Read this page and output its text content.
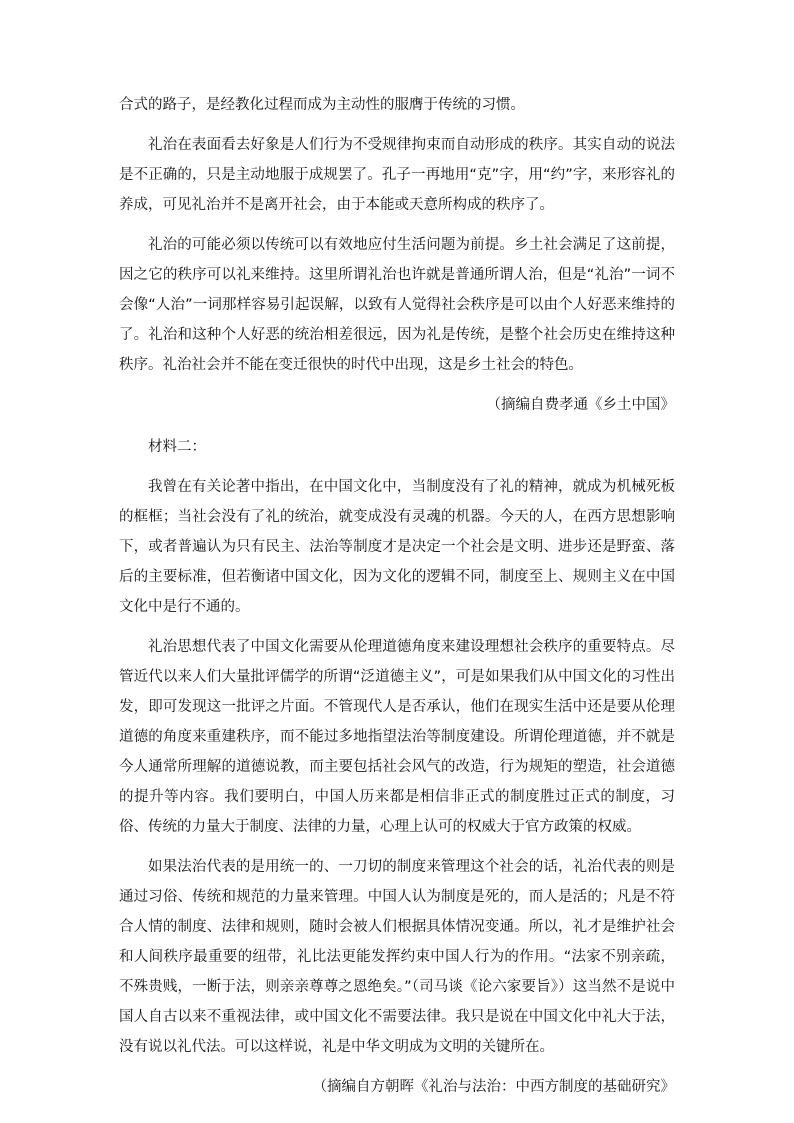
合式的路子，是经教化过程而成为主动性的服膺于传统的习惯。

礼治在表面看去好象是人们行为不受规律拘束而自动形成的秩序。其实自动的说法是不正确的，只是主动地服于成规罢了。孔子一再地用“克”字，用“约”字，来形容礼的养成，可见礼治并不是离开社会，由于本能或天意所构成的秩序了。

礼治的可能必须以传统可以有效地应付生活问题为前提。乡土社会满足了这前提，因之它的秩序可以礼来维持。这里所谓礼治也许就是普通所谓人治，但是“礼治”一词不会像“人治”一词那样容易引起误解，以致有人觉得社会秩序是可以由个人好恶来维持的了。礼治和这种个人好恶的统治相差很远，因为礼是传统，是整个社会历史在维持这种秩序。礼治社会并不能在变迁很快的时代中出现，这是乡土社会的特色。

（摘编自费孝通《乡土中国》

材料二：

我曾在有关论著中指出，在中国文化中，当制度没有了礼的精神，就成为机械死板的框框；当社会没有了礼的统治，就变成没有灵魂的机器。今天的人，在西方思想影响下，或者普遍认为只有民主、法治等制度才是决定一个社会是文明、进步还是野蛮、落后的主要标准，但若衡诸中国文化，因为文化的逻辑不同，制度至上、规则主义在中国文化中是行不通的。

礼治思想代表了中国文化需要从伦理道德角度来建设理想社会秩序的重要特点。尽管近代以来人们大量批评儒学的所谓“泛道德主义”，可是如果我们从中国文化的习性出发，即可发现这一批评之片面。不管现代人是否承认，他们在现实生活中还是要从伦理道德的角度来重建秩序，而不能过多地指望法治等制度建设。所谓伦理道德，并不就是今人通常所理解的道德说教，而主要包括社会风气的改造，行为规矩的塑造，社会道德的提升等内容。我们要明白，中国人历来都是相信非正式的制度胜过正式的制度，习俗、传统的力量大于制度、法律的力量，心理上认可的权威大于官方政策的权威。

如果法治代表的是用统一的、一刀切的制度来管理这个社会的话，礼治代表的则是通过习俗、传统和规范的力量来管理。中国人认为制度是死的，而人是活的；凡是不符合人情的制度、法律和规则，随时会被人们根据具体情况变通。所以，礼才是维护社会和人间秩序最重要的纽带，礼比法更能发挥约束中国人行为的作用。“法家不别亲疏，不殊贵贱，一断于法，则亲亲尊尊之恩绝矣。”（司马谈《论六家要旨》）这当然不是说中国人自古以来不重视法律，或中国文化不需要法律。我只是说在中国文化中礼大于法，没有说以礼代法。可以这样说，礼是中华文明成为文明的关键所在。

（摘编自方朝晖《礼治与法治：中西方制度的基础研究》
